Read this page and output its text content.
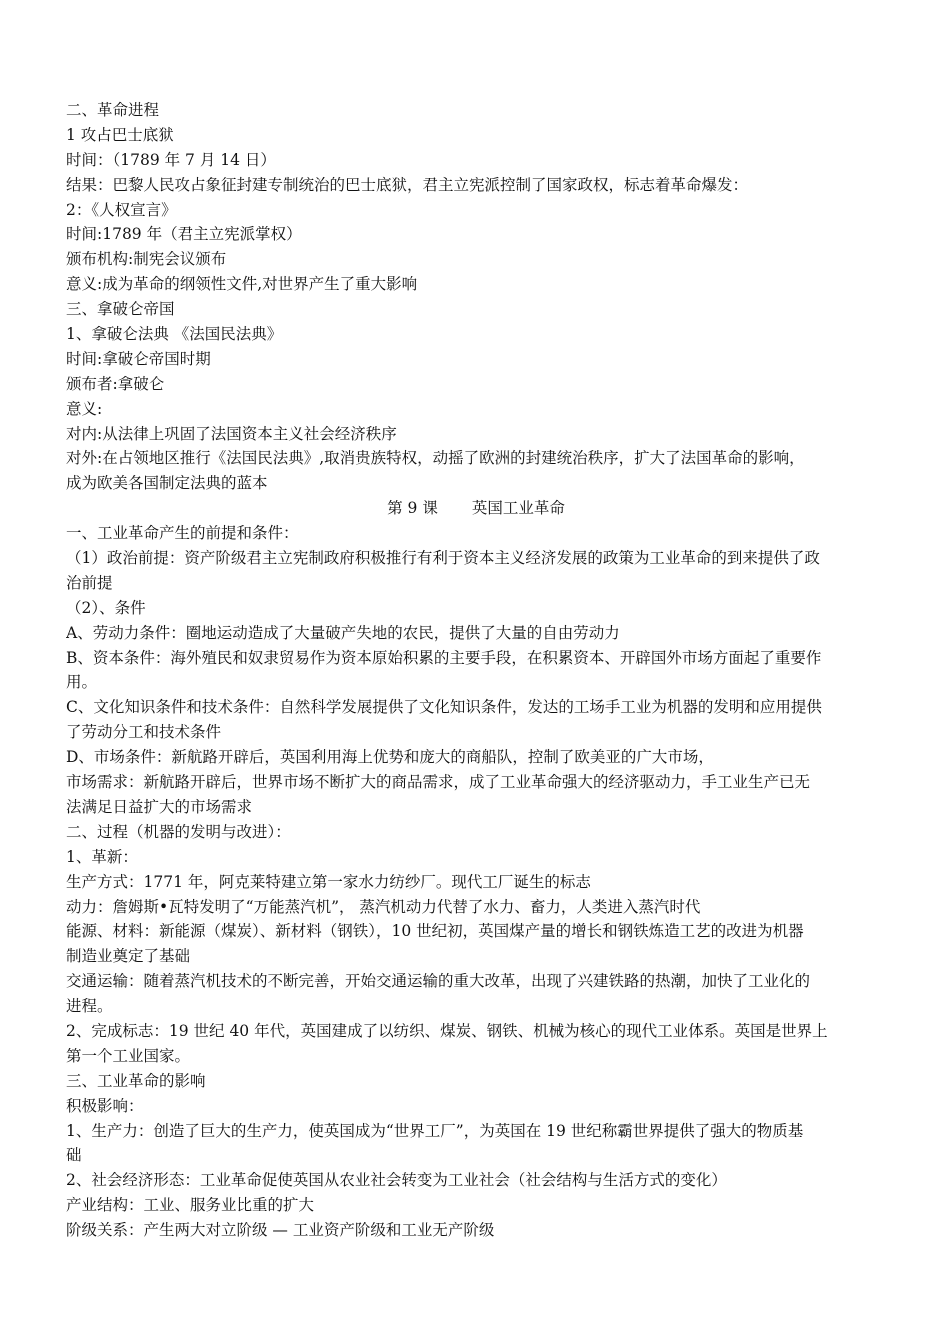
二、革命进程
1 攻占巴士底狱
时间：（1789 年 7 月 14 日）
结果：巴黎人民攻占象征封建专制统治的巴士底狱，君主立宪派控制了国家政权，标志着革命爆发：
2：《人权宣言》
时间:1789 年（君主立宪派掌权）
颁布机构:制宪会议颁布
意义:成为革命的纲领性文件,对世界产生了重大影响
三、拿破仑帝国
1、拿破仑法典 《法国民法典》
时间:拿破仑帝国时期
颁布者:拿破仑
意义:
对内:从法律上巩固了法国资本主义社会经济秩序
对外:在占领地区推行《法国民法典》,取消贵族特权，动摇了欧洲的封建统治秩序，扩大了法国革命的影响，
成为欧美各国制定法典的蓝本
第 9 课 英国工业革命
一、工业革命产生的前提和条件：
（1）政治前提：资产阶级君主立宪制政府积极推行有利于资本主义经济发展的政策为工业革命的到来提供了政
治前提
（2）、条件
A、劳动力条件：圈地运动造成了大量破产失地的农民，提供了大量的自由劳动力
B、资本条件：海外殖民和奴隶贸易作为资本原始积累的主要手段，在积累资本、开辟国外市场方面起了重要作
用。
C、文化知识条件和技术条件：自然科学发展提供了文化知识条件，发达的工场手工业为机器的发明和应用提供
了劳动分工和技术条件
D、市场条件：新航路开辟后，英国利用海上优势和庞大的商船队，控制了欧美亚的广大市场，
市场需求：新航路开辟后，世界市场不断扩大的商品需求，成了工业革命强大的经济驱动力，手工业生产已无
法满足日益扩大的市场需求
二、过程（机器的发明与改进）：
1、革新：
生产方式：1771 年，阿克莱特建立第一家水力纺纱厂。现代工厂诞生的标志
动力：詹姆斯•瓦特发明了“万能蒸汽机”， 蒸汽机动力代替了水力、畜力，人类进入蒸汽时代
能源、材料：新能源（煤炭）、新材料（钢铁），10 世纪初，英国煤产量的增长和钢铁炼造工艺的改进为机器
制造业奠定了基础
交通运输：随着蒸汽机技术的不断完善，开始交通运输的重大改革，出现了兴建铁路的热潮，加快了工业化的
进程。
2、完成标志：19 世纪 40 年代，英国建成了以纺织、煤炭、钢铁、机械为核心的现代工业体系。英国是世界上
第一个工业国家。
三、工业革命的影响
积极影响：
1、生产力：创造了巨大的生产力，使英国成为“世界工厂”，为英国在 19 世纪称霸世界提供了强大的物质基
础
2、社会经济形态：工业革命促使英国从农业社会转变为工业社会（社会结构与生活方式的变化）
产业结构：工业、服务业比重的扩大
阶级关系：产生两大对立阶级 — 工业资产阶级和工业无产阶级
